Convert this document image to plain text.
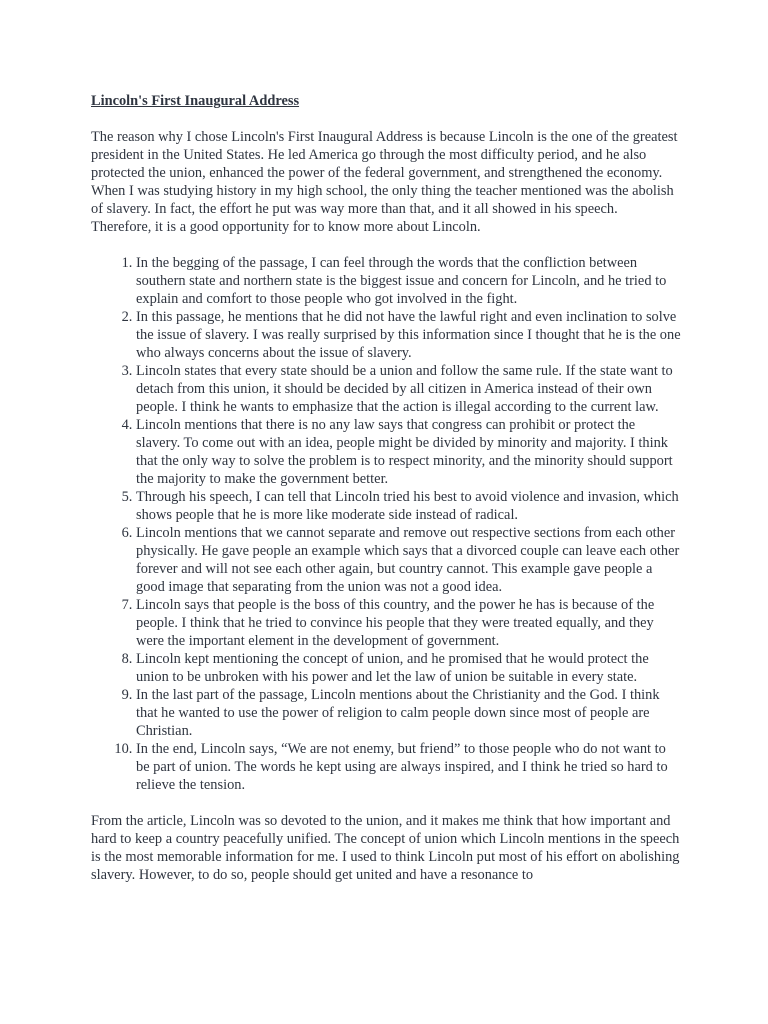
Lincoln's First Inaugural Address
The reason why I chose Lincoln's First Inaugural Address is because Lincoln is the one of the greatest president in the United States. He led America go through the most difficulty period, and he also protected the union, enhanced the power of the federal government, and strengthened the economy. When I was studying history in my high school, the only thing the teacher mentioned was the abolish of slavery. In fact, the effort he put was way more than that, and it all showed in his speech. Therefore, it is a good opportunity for to know more about Lincoln.
1. In the begging of the passage, I can feel through the words that the confliction between southern state and northern state is the biggest issue and concern for Lincoln, and he tried to explain and comfort to those people who got involved in the fight.
2. In this passage, he mentions that he did not have the lawful right and even inclination to solve the issue of slavery. I was really surprised by this information since I thought that he is the one who always concerns about the issue of slavery.
3. Lincoln states that every state should be a union and follow the same rule. If the state want to detach from this union, it should be decided by all citizen in America instead of their own people. I think he wants to emphasize that the action is illegal according to the current law.
4. Lincoln mentions that there is no any law says that congress can prohibit or protect the slavery. To come out with an idea, people might be divided by minority and majority. I think that the only way to solve the problem is to respect minority, and the minority should support the majority to make the government better.
5. Through his speech, I can tell that Lincoln tried his best to avoid violence and invasion, which shows people that he is more like moderate side instead of radical.
6. Lincoln mentions that we cannot separate and remove out respective sections from each other physically. He gave people an example which says that a divorced couple can leave each other forever and will not see each other again, but country cannot. This example gave people a good image that separating from the union was not a good idea.
7. Lincoln says that people is the boss of this country, and the power he has is because of the people. I think that he tried to convince his people that they were treated equally, and they were the important element in the development of government.
8. Lincoln kept mentioning the concept of union, and he promised that he would protect the union to be unbroken with his power and let the law of union be suitable in every state.
9. In the last part of the passage, Lincoln mentions about the Christianity and the God. I think that he wanted to use the power of religion to calm people down since most of people are Christian.
10. In the end, Lincoln says, “We are not enemy, but friend” to those people who do not want to be part of union. The words he kept using are always inspired, and I think he tried so hard to relieve the tension.
From the article, Lincoln was so devoted to the union, and it makes me think that how important and hard to keep a country peacefully unified. The concept of union which Lincoln mentions in the speech is the most memorable information for me. I used to think Lincoln put most of his effort on abolishing slavery. However, to do so, people should get united and have a resonance to
